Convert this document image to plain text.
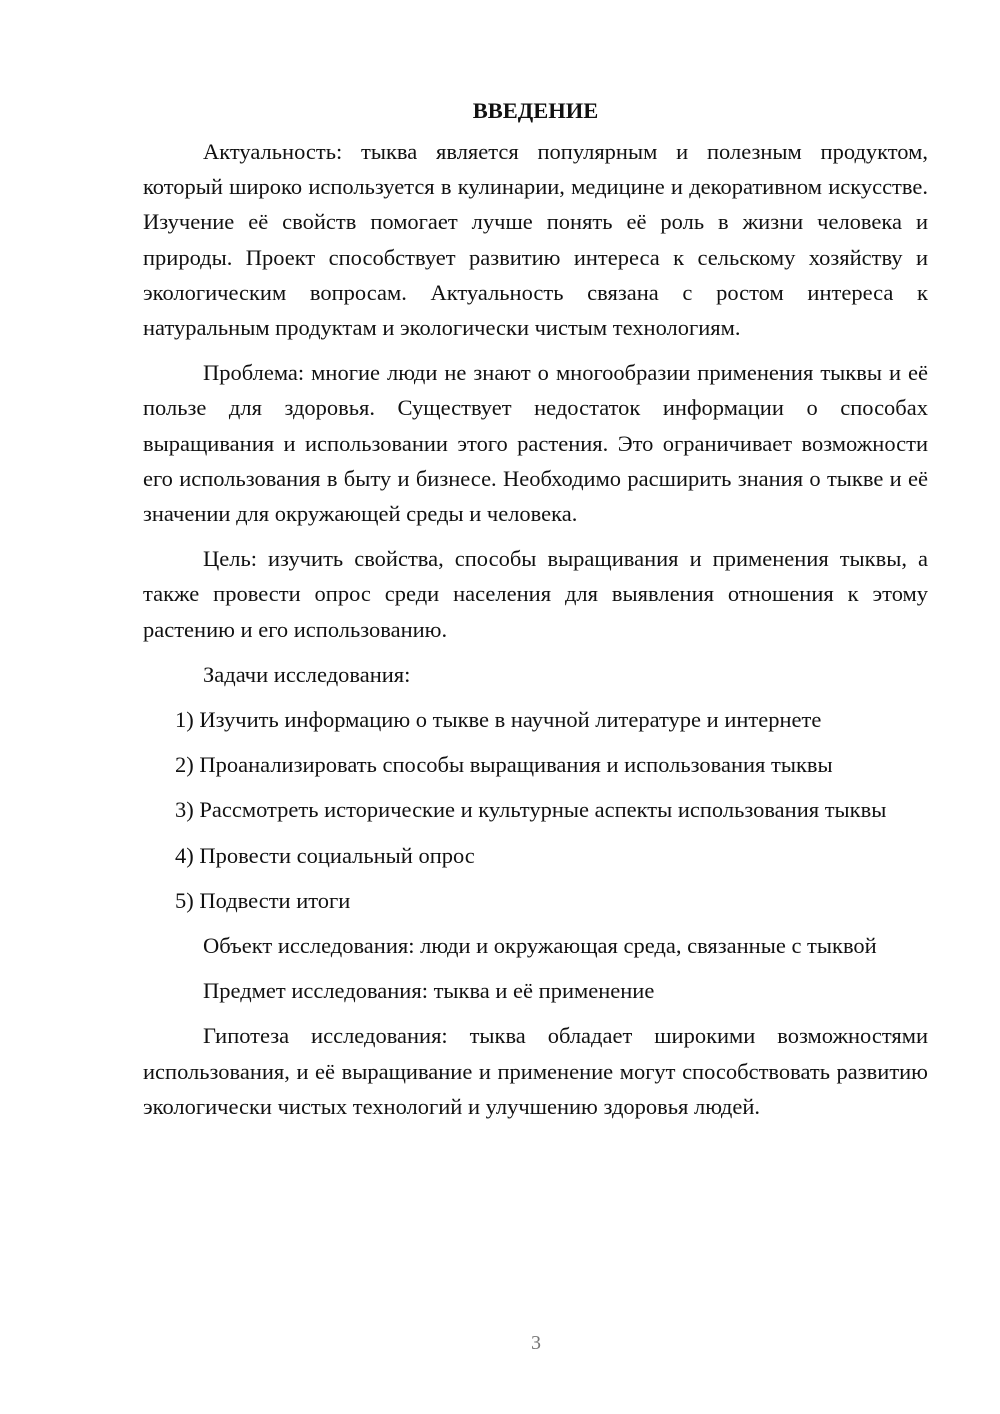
ВВЕДЕНИЕ

Актуальность: тыква является популярным и полезным продуктом, который широко используется в кулинарии, медицине и декоративном искусстве. Изучение её свойств помогает лучше понять её роль в жизни человека и природы. Проект способствует развитию интереса к сельскому хозяйству и экологическим вопросам. Актуальность связана с ростом интереса к натуральным продуктам и экологически чистым технологиям.

Проблема: многие люди не знают о многообразии применения тыквы и её пользе для здоровья. Существует недостаток информации о способах выращивания и использовании этого растения. Это ограничивает возможности его использования в быту и бизнесе. Необходимо расширить знания о тыкве и её значении для окружающей среды и человека.

Цель: изучить свойства, способы выращивания и применения тыквы, а также провести опрос среди населения для выявления отношения к этому растению и его использованию.

Задачи исследования:

1) Изучить информацию о тыкве в научной литературе и интернете

2) Проанализировать способы выращивания и использования тыквы

3) Рассмотреть исторические и культурные аспекты использования тыквы

4) Провести социальный опрос

5) Подвести итоги

Объект исследования: люди и окружающая среда, связанные с тыквой

Предмет исследования: тыква и её применение

Гипотеза исследования: тыква обладает широкими возможностями использования, и её выращивание и применение могут способствовать развитию экологически чистых технологий и улучшению здоровья людей.

3
